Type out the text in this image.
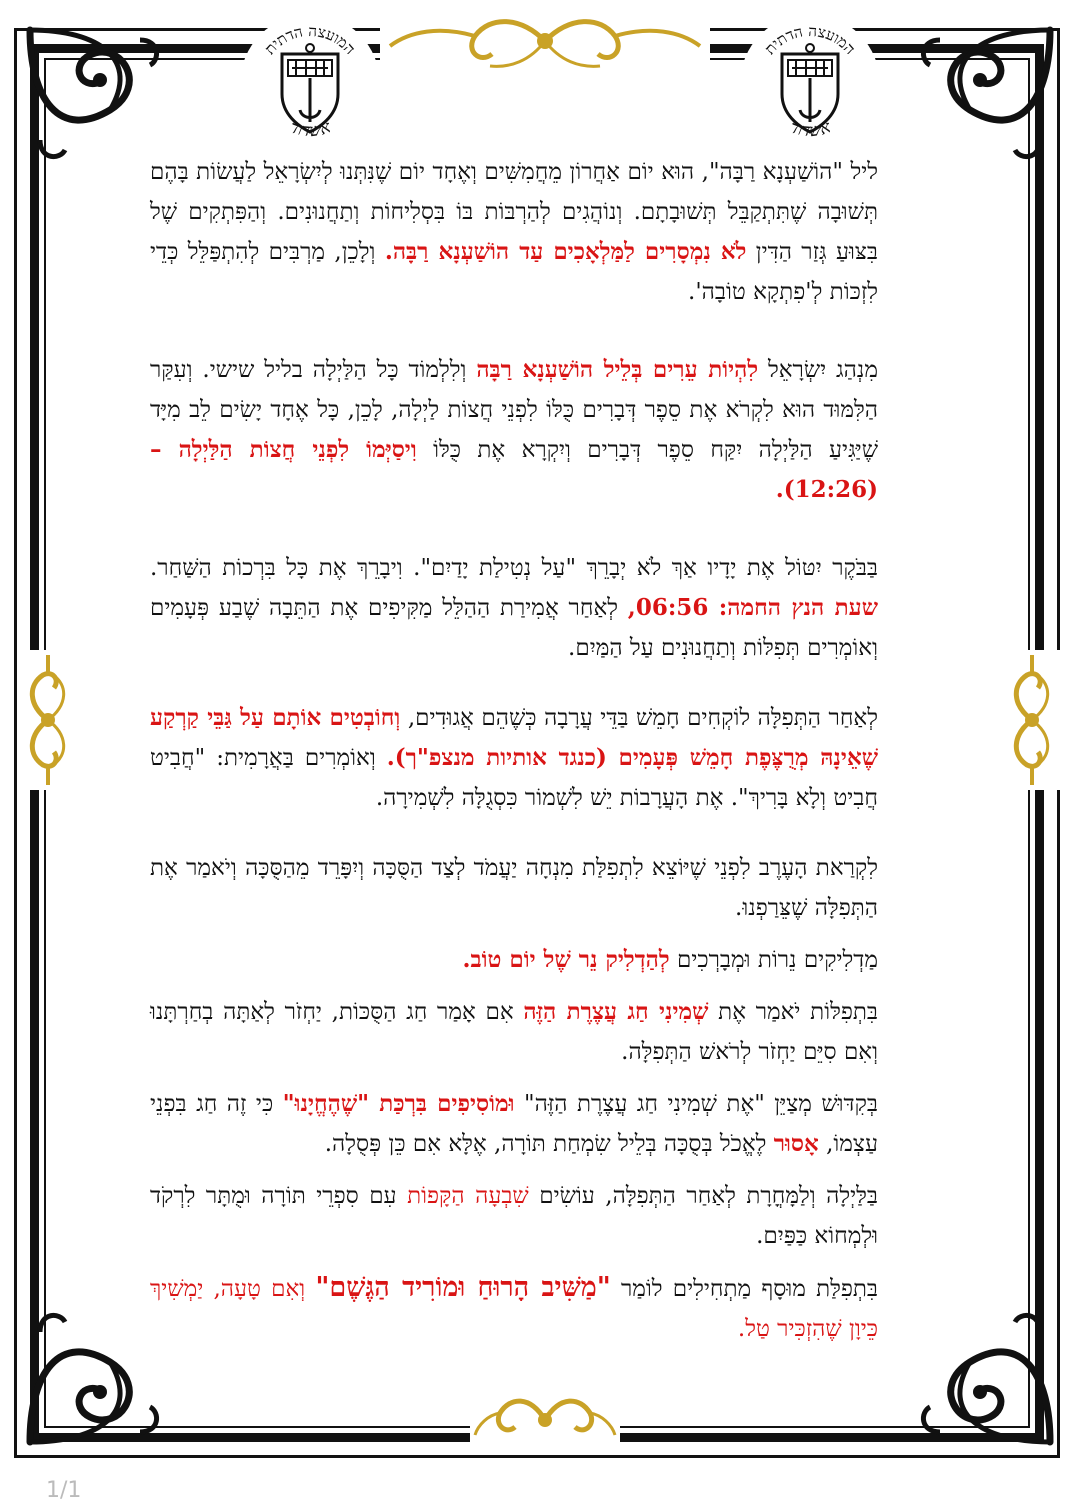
המועצה הדתית
אשדוד
המועצה הדתית
אשדוד

ליל "הוֹשַׁעְנָא רַבָּה", הוּא יוֹם אַחֲרוֹן מֵחֲמִשִּׁים וְאֶחָד יוֹם שֶׁנִּתְּנוּ לְיִשְׂרָאֵל לַעֲשׂוֹת בָּהֶם תְּשׁוּבָה שֶׁתִּתְקַבֵּל תְּשׁוּבָתָם. וְנוֹהֲגִים לְהַרְבּוֹת בּוֹ בִּסְלִיחוֹת וְתַחֲנוּנִים. וְהַפִּתְקִים שֶׁל בִּצּוּעַ גְּזַר הַדִּין לֹא נִמְסָרִים לַמַּלְאָכִים עַד הוֹשַׁעְנָא רַבָּה. וְלָכֵן, מַרְבִּים לְהִתְפַּלֵּל כְּדֵי לִזְכּוֹת לְ'פִתְקָא טוֹבָה'.

מִנְהַג יִשְׂרָאֵל לִהְיוֹת עֵרִים בְּלֵיל הוֹשַׁעְנָא רַבָּה וְלִלְמוֹד כָּל הַלַּיְלָה בליל שישי. וְעִקַּר הַלִּמּוּד הוּא לִקְרֹא אֶת סֵפֶר דְּבָרִים כֻּלּוֹ לִפְנֵי חֲצוֹת לַיְלָה, לָכֵן, כָּל אֶחָד יָשִׂים לֵב מִיָּד שֶׁיַּגִּיעַ הַלַּיְלָה יִקַּח סֵפֶר דְּבָרִים וְיִקְרָא אֶת כֻּלּוֹ וִיסַיְּמוֹ לִפְנֵי חֲצוֹת הַלַּיְלָה – (12:26).

בַּבֹּקֶר יִטּוֹל אֶת יָדָיו אַךְ לֹא יְבָרֵךְ "עַל נְטִילַת יָדַיִם". וִיבָרֵךְ אֶת כָּל בִּרְכוֹת הַשַּׁחַר. שעת הנץ החמה: 06:56, לְאַחַר אֲמִירַת הַהַלֵּל מַקִּיפִים אֶת הַתֵּבָה שֶׁבַע פְּעָמִים וְאוֹמְרִים תְּפִלּוֹת וְתַחֲנוּנִים עַל הַמַּיִם.

לְאַחַר הַתְּפִלָּה לוֹקְחִים חָמֵשׁ בַּדֵּי עֲרָבָה כְּשֶׁהֵם אֲגוּדִים, וְחוֹבְטִים אוֹתָם עַל גַּבֵּי קַרְקַע שֶׁאֵינָהּ מְרֻצֶּפֶת חָמֵשׁ פְּעָמִים (כנגד אותיות מנצפ"ך). וְאוֹמְרִים בַּאֲרָמִית: "חֲבִיט חֲבִיט וְלָא בָּרִיךְ". אֶת הָעֲרָבוֹת יֵשׁ לִשְׁמוֹר כִּסְגֻלָּה לִשְׁמִירָה.

לִקְרַאת הָעֶרֶב לִפְנֵי שֶׁיּוֹצֵא לִתְפִלַּת מִנְחָה יַעֲמֹד לְצַד הַסֻּכָּה וְיִפָּרֵד מֵהַסֻּכָּה וְיֹאמַר אֶת הַתְּפִלָּה שֶׁצֵּרַפְנוּ.

מַדְלִיקִים נֵרוֹת וּמְבָרְכִים לְהַדְלִיק נֵר שֶׁל יוֹם טוֹב.

בִּתְפִלּוֹת יֹאמַר אֶת שְׁמִינִי חַג עֲצֶרֶת הַזֶּה אִם אָמַר חַג הַסֻּכּוֹת, יַחְזֹר לְאַתָּה בְחַרְתָּנוּ וְאִם סִיֵּם יַחְזֹר לְרֹאשׁ הַתְּפִלָּה.

בְּקִדּוּשׁ מְצַיֵּן "אֶת שְׁמִינִי חַג עֲצֶרֶת הַזֶּה" וּמוֹסִיפִים בִּרְכַּת "שֶׁהֶחֱיָנוּ" כִּי זֶה חַג בִּפְנֵי עַצְמוֹ, אָסוּר לֶאֱכֹל בְּסֻכָּה בְּלֵיל שִׂמְחַת תּוֹרָה, אֶלָּא אִם כֵּן פְּסֻלָה.

בַּלַּיְלָה וְלַמָּחֳרָת לְאַחַר הַתְּפִלָּה, עוֹשִׂים שִׁבְעָה הַקָּפוֹת עִם סִפְרֵי תּוֹרָה וּמֻתָּר לִרְקֹד וּלְמְחוֹא כַּפַּיִם.

בִּתְפִלַּת מוּסָף מַתְחִילִים לוֹמַר "מַשִּׁיב הָרוּחַ וּמוֹרִיד הַגֶּשֶׁם" וְאִם טָעָה, יַמְשִׁיךְ כֵּיוָן שֶׁהִזְכִּיר טַל.

1/1
